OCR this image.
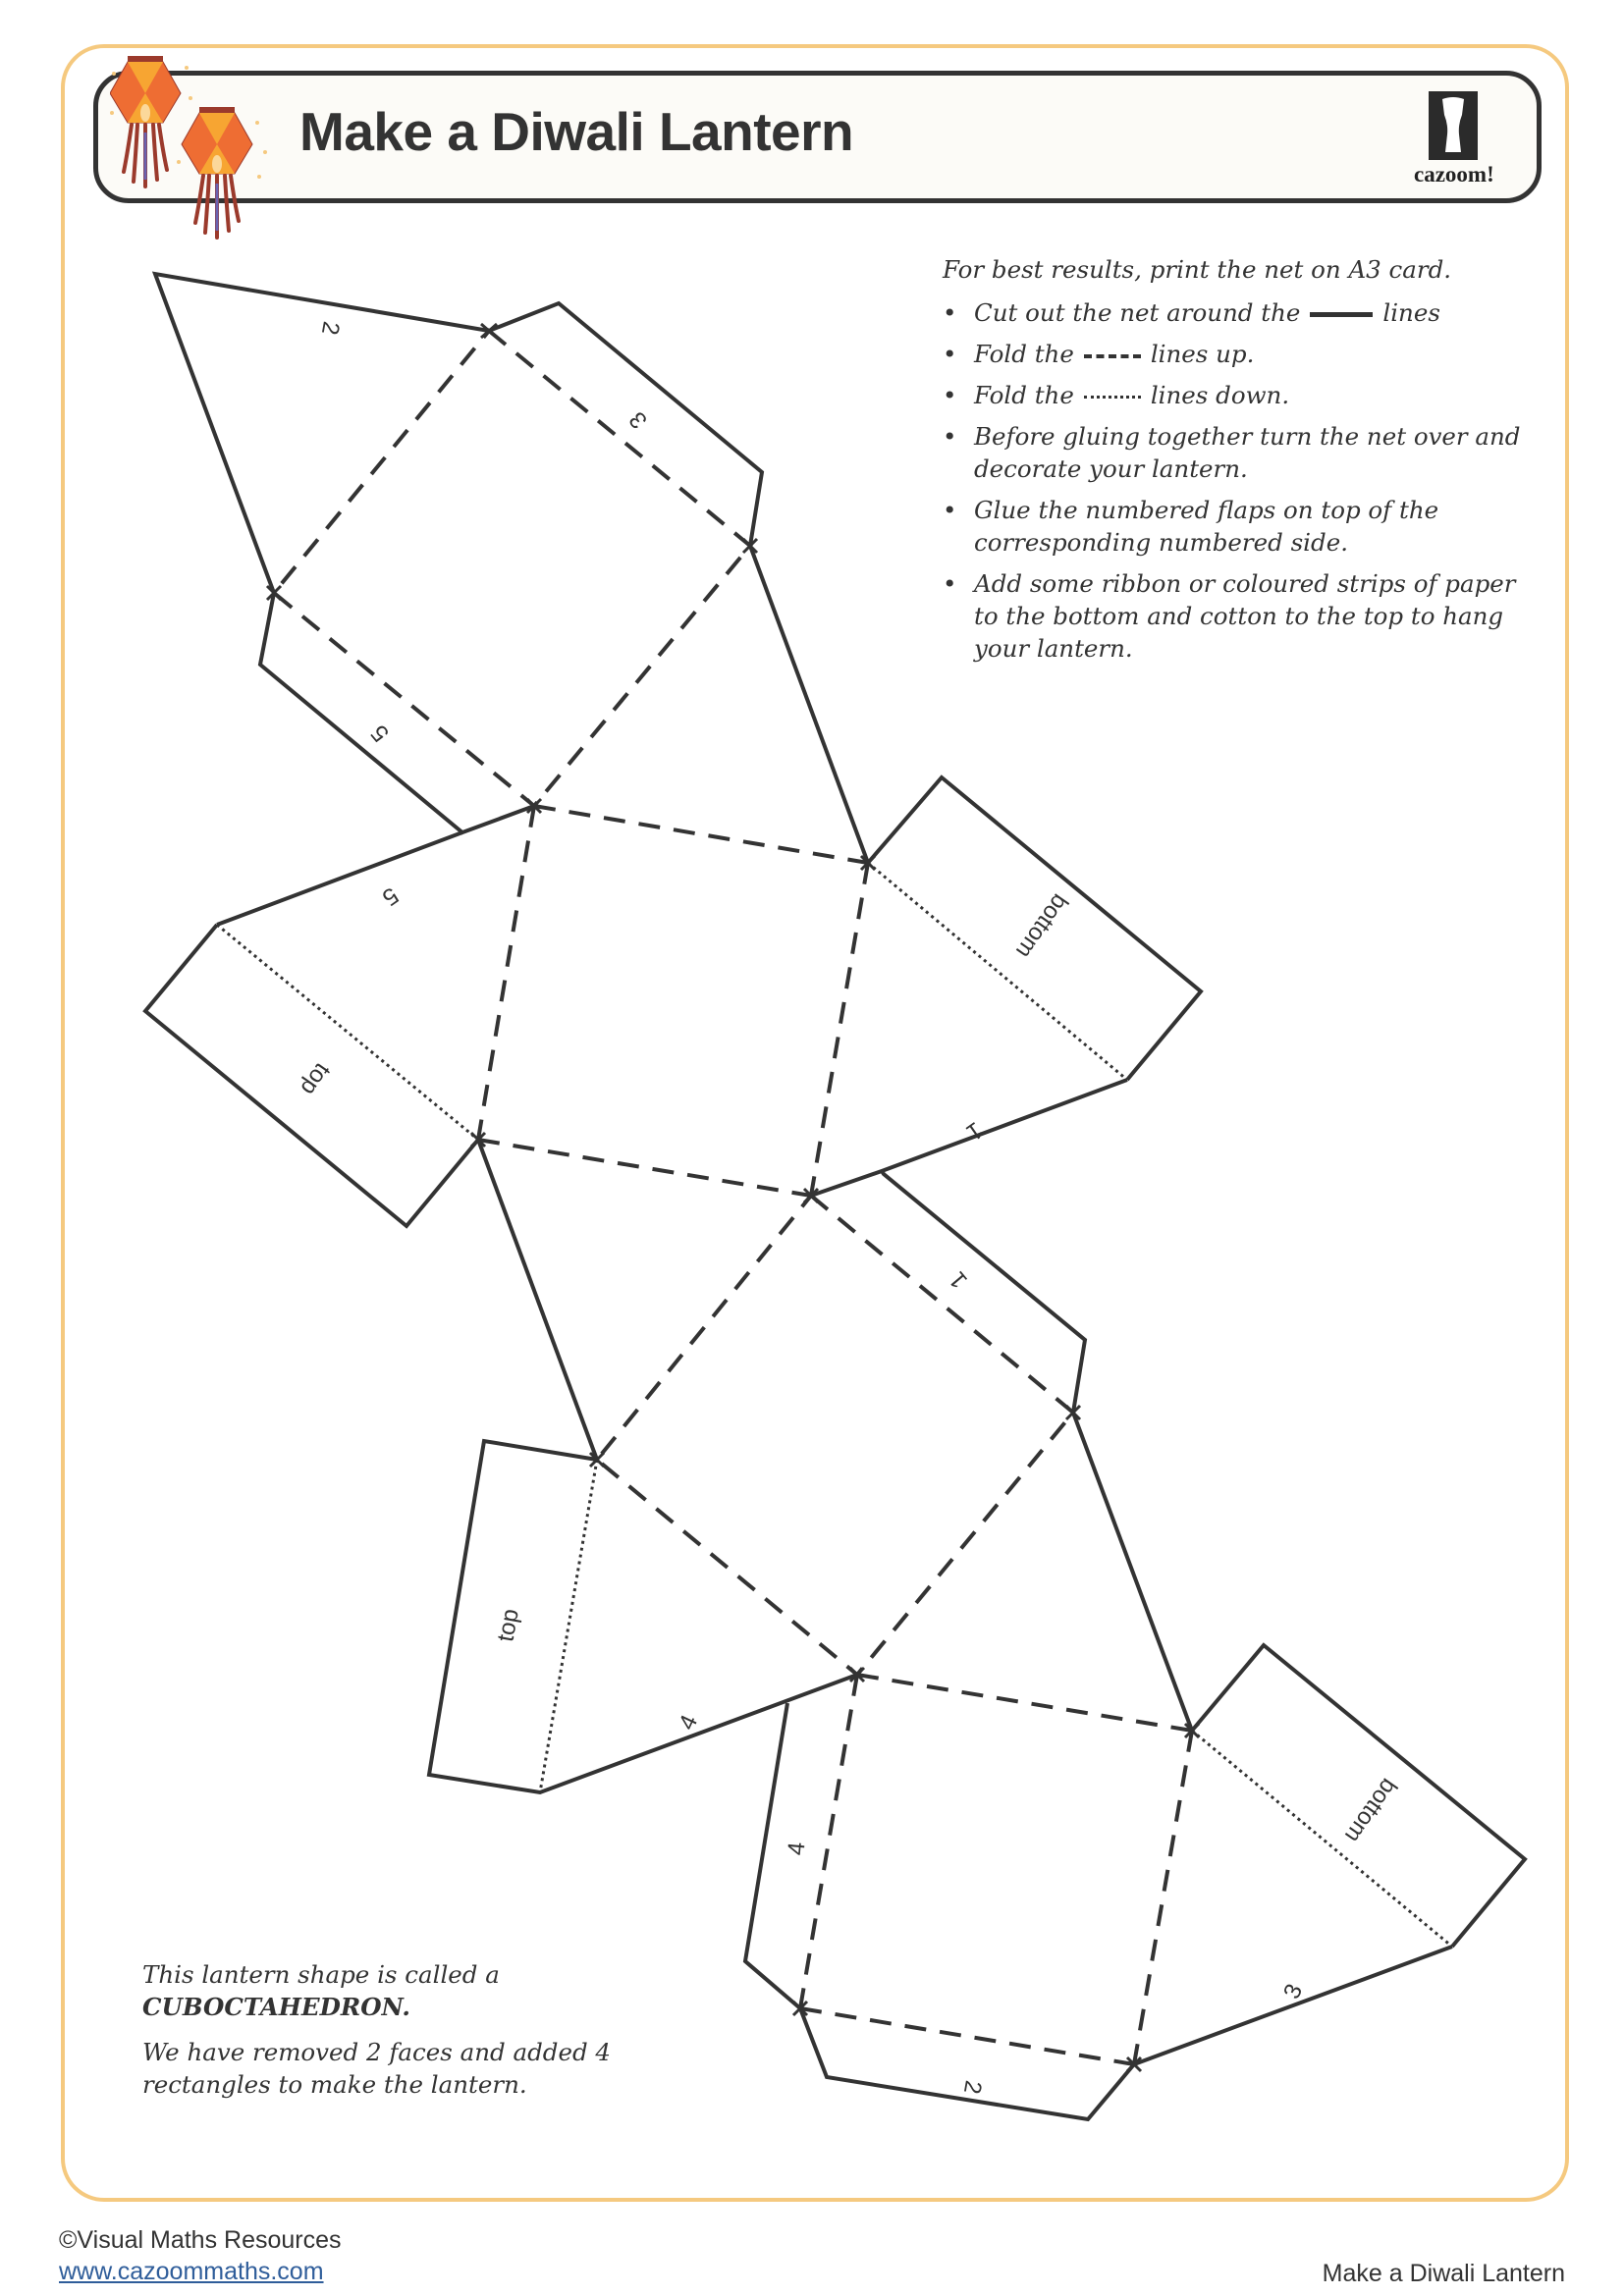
Make a Diwali Lantern
cazoom!

For best results, print the net on A3 card.

• Cut out the net around the	lines
• Fold the	lines up.
• Fold the	lines down.
• Before gluing together turn the net over and decorate your lantern.
• Glue the numbered flaps on top of the corresponding numbered side.
• Add some ribbon or coloured strips of paper to the bottom and cotton to the top to hang your lantern.
2
3
5
5
top
bottom
1
1
top
4
4
bottom
3
2

This lantern shape is called a
CUBOCTAHEDRON.

We have removed 2 faces and added 4 rectangles to make the lantern.

©Visual Maths Resources
www.cazoommaths.com	Make a Diwali Lantern
